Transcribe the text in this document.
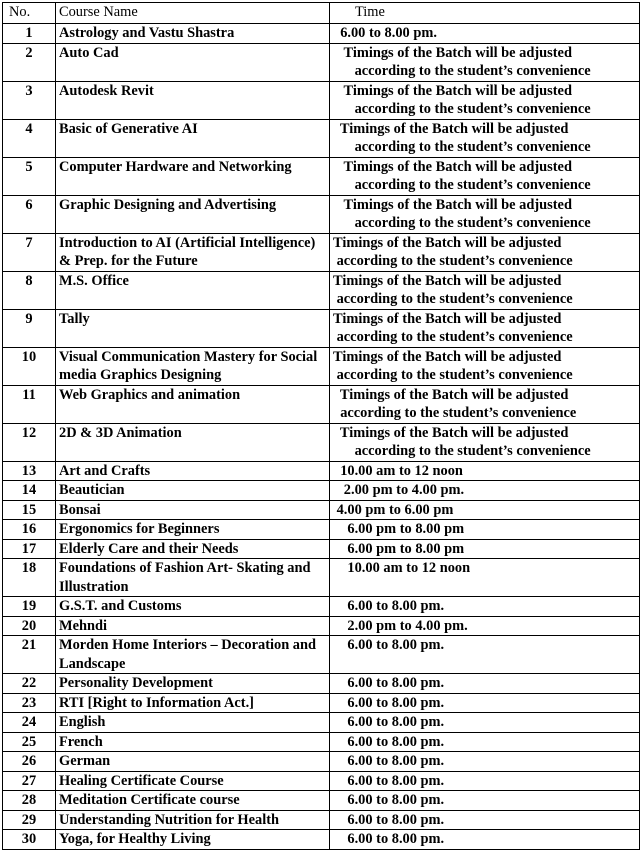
No.	Course Name	Time
1	Astrology and Vastu Shastra	6.00 to 8.00 pm.
2	Auto Cad	Timings of the Batch will be adjusted
according to the student’s convenience
3	Autodesk Revit	Timings of the Batch will be adjusted
according to the student’s convenience
4	Basic of Generative AI	Timings of the Batch will be adjusted
according to the student’s convenience
5	Computer Hardware and Networking	Timings of the Batch will be adjusted
according to the student’s convenience
6	Graphic Designing and Advertising	Timings of the Batch will be adjusted
according to the student’s convenience
7	Introduction to AI (Artificial Intelligence) & Prep. for the Future	Timings of the Batch will be adjusted
according to the student’s convenience
8	M.S. Office	Timings of the Batch will be adjusted
according to the student’s convenience
9	Tally	Timings of the Batch will be adjusted
according to the student’s convenience
10	Visual Communication Mastery for Social media Graphics Designing	Timings of the Batch will be adjusted
according to the student’s convenience
11	Web Graphics and animation	Timings of the Batch will be adjusted
according to the student’s convenience
12	2D & 3D Animation	Timings of the Batch will be adjusted
according to the student’s convenience
13	Art and Crafts	10.00 am to 12 noon
14	Beautician	2.00 pm to 4.00 pm.
15	Bonsai	4.00 pm to 6.00 pm
16	Ergonomics for Beginners	6.00 pm to 8.00 pm
17	Elderly Care and their Needs	6.00 pm to 8.00 pm
18	Foundations of Fashion Art- Skating and Illustration	10.00 am to 12 noon
19	G.S.T. and Customs	6.00 to 8.00 pm.
20	Mehndi	2.00 pm to 4.00 pm.
21	Morden Home Interiors – Decoration and Landscape	6.00 to 8.00 pm.
22	Personality Development	6.00 to 8.00 pm.
23	RTI [Right to Information Act.]	6.00 to 8.00 pm.
24	English	6.00 to 8.00 pm.
25	French	6.00 to 8.00 pm.
26	German	6.00 to 8.00 pm.
27	Healing Certificate Course	6.00 to 8.00 pm.
28	Meditation Certificate course	6.00 to 8.00 pm.
29	Understanding Nutrition for Health	6.00 to 8.00 pm.
30	Yoga, for Healthy Living	6.00 to 8.00 pm.
